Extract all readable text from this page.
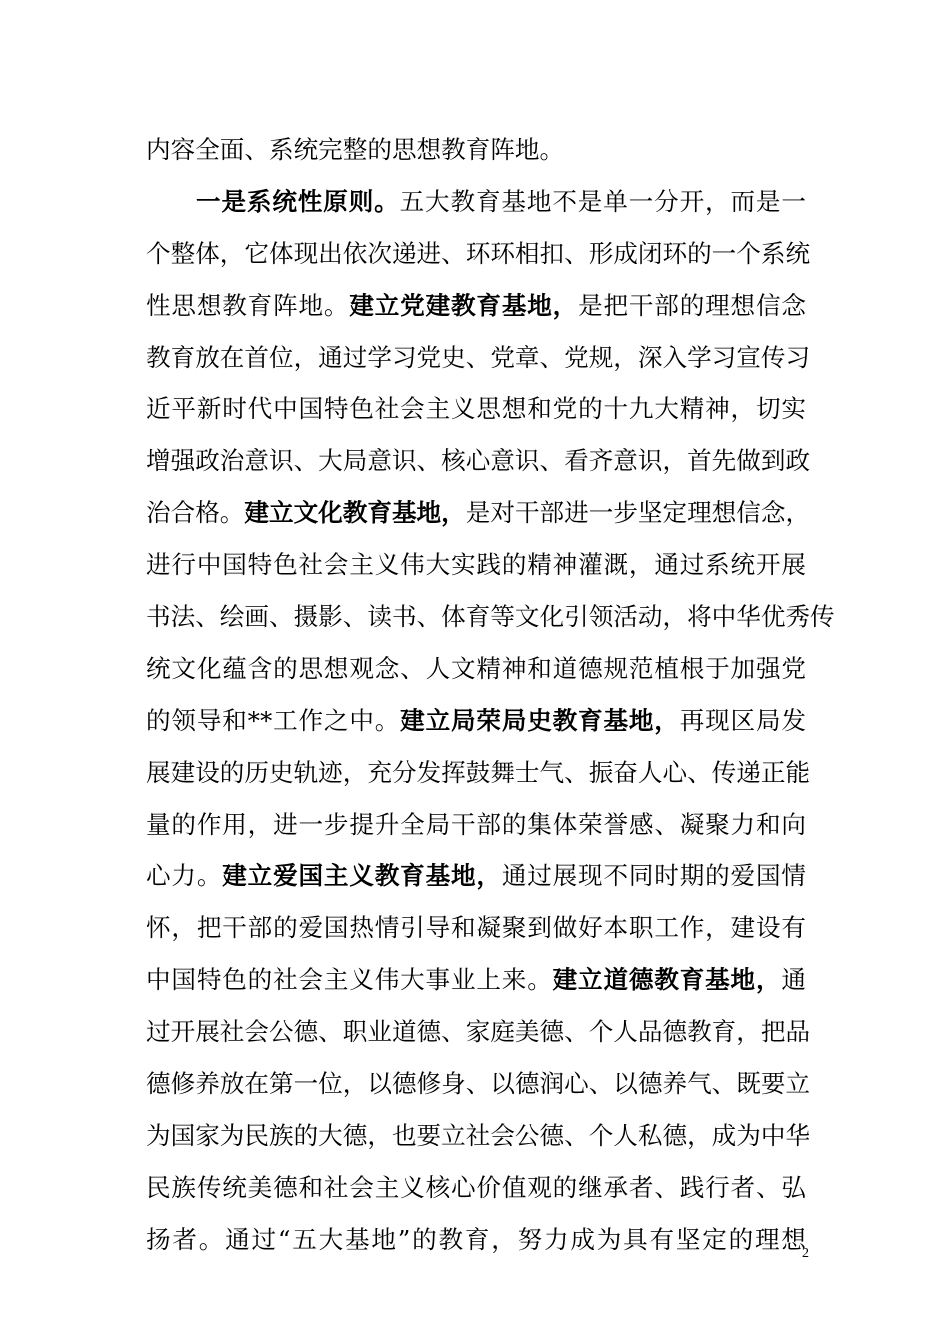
内容全面、系统完整的思想教育阵地。
一是系统性原则。五大教育基地不是单一分开，而是一
个整体，它体现出依次递进、环环相扣、形成闭环的一个系统
性思想教育阵地。建立党建教育基地，是把干部的理想信念
教育放在首位，通过学习党史、党章、党规，深入学习宣传习
近平新时代中国特色社会主义思想和党的十九大精神，切实
增强政治意识、大局意识、核心意识、看齐意识，首先做到政
治合格。建立文化教育基地，是对干部进一步坚定理想信念，
进行中国特色社会主义伟大实践的精神灌溉，通过系统开展
书法、绘画、摄影、读书、体育等文化引领活动，将中华优秀传
统文化蕴含的思想观念、人文精神和道德规范植根于加强党
的领导和**工作之中。建立局荣局史教育基地，再现区局发
展建设的历史轨迹，充分发挥鼓舞士气、振奋人心、传递正能
量的作用，进一步提升全局干部的集体荣誉感、凝聚力和向
心力。建立爱国主义教育基地，通过展现不同时期的爱国情
怀，把干部的爱国热情引导和凝聚到做好本职工作，建设有
中国特色的社会主义伟大事业上来。建立道德教育基地，通
过开展社会公德、职业道德、家庭美德、个人品德教育，把品
德修养放在第一位，以德修身、以德润心、以德养气、既要立
为国家为民族的大德，也要立社会公德、个人私德，成为中华
民族传统美德和社会主义核心价值观的继承者、践行者、弘
扬者。通过“五大基地”的教育，努力成为具有坚定的理想
2
